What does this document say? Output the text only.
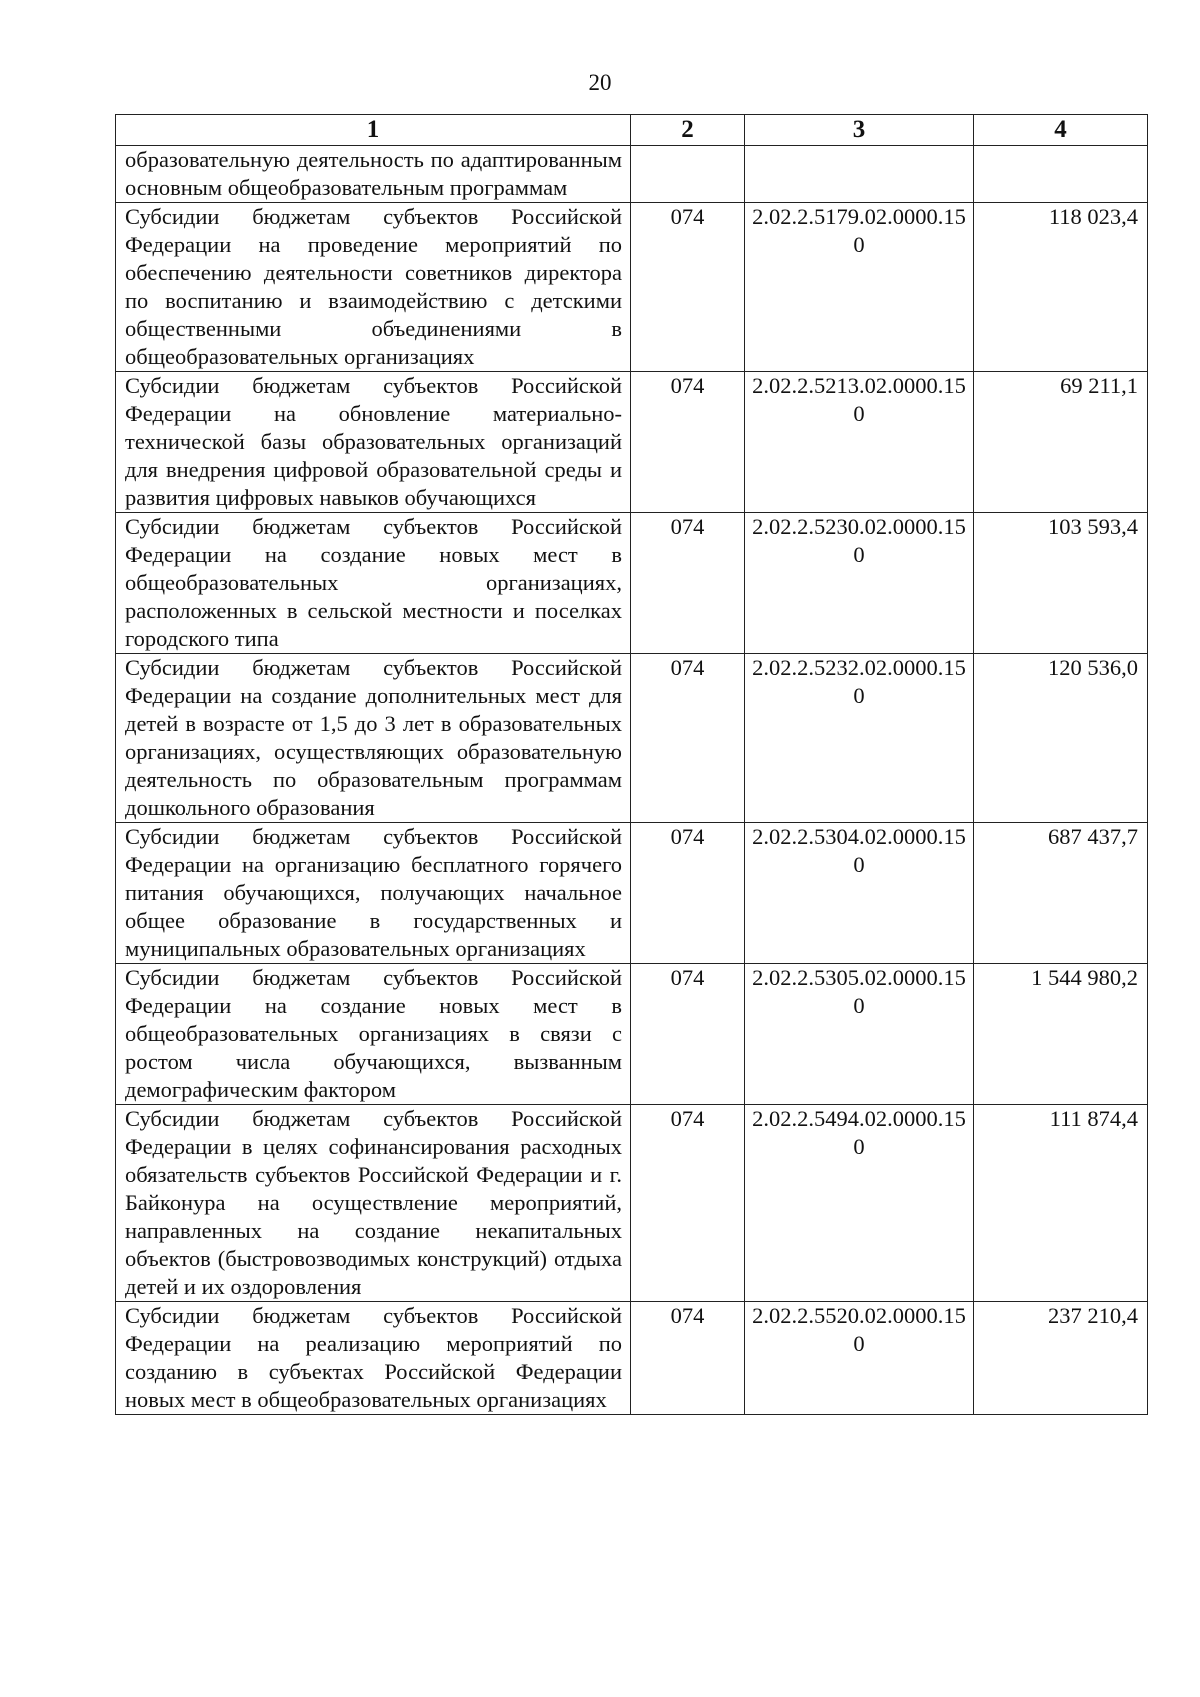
20
1	2	3	4
образовательную деятельность по адаптированным основным общеобразовательным программам			
Субсидии бюджетам субъектов Российской Федерации на проведение мероприятий по обеспечению деятельности советников директора по воспитанию и взаимодействию с детскими общественными объединениями в общеобразовательных организациях	074	2.02.2.5179.02.0000.150	118 023,4
Субсидии бюджетам субъектов Российской Федерации на обновление материально-технической базы образовательных организаций для внедрения цифровой образовательной среды и развития цифровых навыков обучающихся	074	2.02.2.5213.02.0000.150	69 211,1
Субсидии бюджетам субъектов Российской Федерации на создание новых мест в общеобразовательных организациях, расположенных в сельской местности и поселках городского типа	074	2.02.2.5230.02.0000.150	103 593,4
Субсидии бюджетам субъектов Российской Федерации на создание дополнительных мест для детей в возрасте от 1,5 до 3 лет в образовательных организациях, осуществляющих образовательную деятельность по образовательным программам дошкольного образования	074	2.02.2.5232.02.0000.150	120 536,0
Субсидии бюджетам субъектов Российской Федерации на организацию бесплатного горячего питания обучающихся, получающих начальное общее образование в государственных и муниципальных образовательных организациях	074	2.02.2.5304.02.0000.150	687 437,7
Субсидии бюджетам субъектов Российской Федерации на создание новых мест в общеобразовательных организациях в связи с ростом числа обучающихся, вызванным демографическим фактором	074	2.02.2.5305.02.0000.150	1 544 980,2
Субсидии бюджетам субъектов Российской Федерации в целях софинансирования расходных обязательств субъектов Российской Федерации и г. Байконура на осуществление мероприятий, направленных на создание некапитальных объектов (быстровозводимых конструкций) отдыха детей и их оздоровления	074	2.02.2.5494.02.0000.150	111 874,4
Субсидии бюджетам субъектов Российской Федерации на реализацию мероприятий по созданию в субъектах Российской Федерации новых мест в общеобразовательных организациях	074	2.02.2.5520.02.0000.150	237 210,4
